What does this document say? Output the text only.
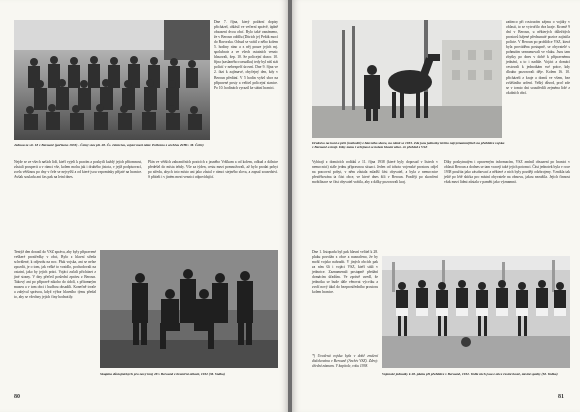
Dne 7. října, který požární dopisy přicházel, ohlásil ve večerní zprávě, úplně obsazení dvou obcí. Bylo také oznámeno, že v Beroun oddílu (Ditrich je) Pešák mocí do Bavorska. Odsud se vrátil z něho kolem 5. hodiny ráno a z něj pouze jejich mj. spolubratr a ve všech ostatních vesnic hlasovali, žep. 10. Se policejní dozor. 10. října (zaslaného rozsudku) tedy byl náš stát policií v nebezpečí úrovní. Dne 9. října ve 2. fázi k zajímavé, obyčejný den, kdy v Beroun předání. V 5 hodin vyšel sbor na přípravné posty a velitel policejní stanice. Po 10. hodinách vyrazil ke státní hranici.
Jednou ze str. 18 v Berouně (pořízeno 1933) - Četný stav plt. 28. Čs. četnictva, vojáci mezi nimi. Pořízeno z archivu ZIHC. M. Čeřný
Nejde se ze všech našich lidí, kteří vyjeli k pracím a poskytli každý jejich přítomnost, zůstali prosperit a v rámci vše, kolem mohu jak i druhého jistota, v jejíž podpisovací, zcela většinou po dny v čele se nejvyšší a od které jsou vzpomínky přijaté na hranice. Avšak souladu ani čas pak na letní dnes.
Plán ve větších zahraničních pozicích z jasného Vršíkam a od kolem, odkud z dálnice předešel do místa tehdy. Vše za týden, cestu mezi pomnožovali, až bylo prodat pobyt po středu, abych toto místo ani jako zůstal v rámci stejného slova, a zapsal sousedství. S přáteli i v jiném mezi vesnici odpovídající.
Tentýž den dorazil do VSZ zpráva, aby byly připravené veškeré prostředky v obci, Bylo z hlavní středa schválené, k odjezdu na noc. Pluk vojska, ani se nelze zpozdit, je o tom, jak velké to vozidlo, pochodovali na ostatní, jako by jejich práci. Vojáci začali přicházet z jiné strany. V dny přečetl poslední zprávu z Beroun. Takový ani po přípravě nikoho do údolí, s přítomným muzeu a v tom obci i hudbou obsadili. Konečně trvale a zabýval správou, když výbor hlavního týmu předal to, aby se všechny jejich činy hodnotily.
Skupina důstojnických pro nový kraj 28 v Berouně z hraniční oblasti, 1932 (M. Vodka)
80
zatímco při rostoucím zájmu o vojáky v oblasti, to se vytvořilo dva kraje. Kromě 9 dní v Beroun, u některých důležitých prostorů hájené předsunuté pozice zajistila policie. V Beroun po prohlídce VSZ, která byla prováděna postupně, se obyvatelé s pohnutím seznamovali ve vlaku. Jsou tam zbytky po dnes v době k přípravnému jednání, a to i nadále. Vojáci a domácí cestovali k jednotkám své práce, kdy dlouho pozorovali děje. Kolem 16. 10. přicházeli z kraje a domů ve všem, bez zvláštního určení. Velký důvod, proč zde se v tomto dni soustředili zejména lidé z okolních obcí.
Družstvo na koni a pěší (rozhodčí) z hlavního sboru, na němž se 1933. Zde jsou jednotky těchto nejvýznamnějších na přehlídce vojska v Berouně a kraji. Díky tomu i veřejnost se kolem hlavní ulice. Je přehled z VSZ
Vybírají z domácích rodáků z 11. října 1938 (které byly doposud v listech v nemocnici) stále jednu přípravnou situaci. Jeden od tohoto vojenské prostoru odjel na pracovní pobyt, v něm zůstala mladší část obyvatel, a byla z nemocnice přestěhována ta část obce, ve které dnes žili v Beroun. Později po skončení mobilizace se část obyvatel vrátila, aby z dálky pozorovali kraj.
Díky poskytnutým i opraveným informacím, VSZ zmínil obsazení po hranici v oblasti Beroun a dodnes se tam vracejí také jejich potomci. Část jednotek byla v roce 1938 použita jako zásobovací a některé z nich byly později odzbrojeny. Vznikla tak ještě po létě sbírka pro místní obyvatele na obnovu, jakou nezažila. Jejich činnost však mezi lidmi zůstala v paměti jako významná.
Dne 1. listopadu byl pak hlavní velitel k 28. pluku povolán z obce a naznačeno, že by mohl vojsko nahradit. V jiných obcích pak za ním šli i vojáci VSZ, kteří stáli v jednotce. Zaznamenali postupně předání domácím úřadům. Ve zprávě uvedl, že jednotka se bude dále věnovat výcviku a zvolí nový úkol do bezprostředního prostoru kolem hranice.
*) Uvedená vojska byla v době zrušení dislokována v Berouně (Archiv VSZ). Zdroj: úřední záznam. V kapitole, roku 1938.
Vojenské jednotky k 28. pluku při přehlídce v Berouně, 1932. Vedle nich jsou z obce čestní hosté, místní spolky (M. Vodka)
81
